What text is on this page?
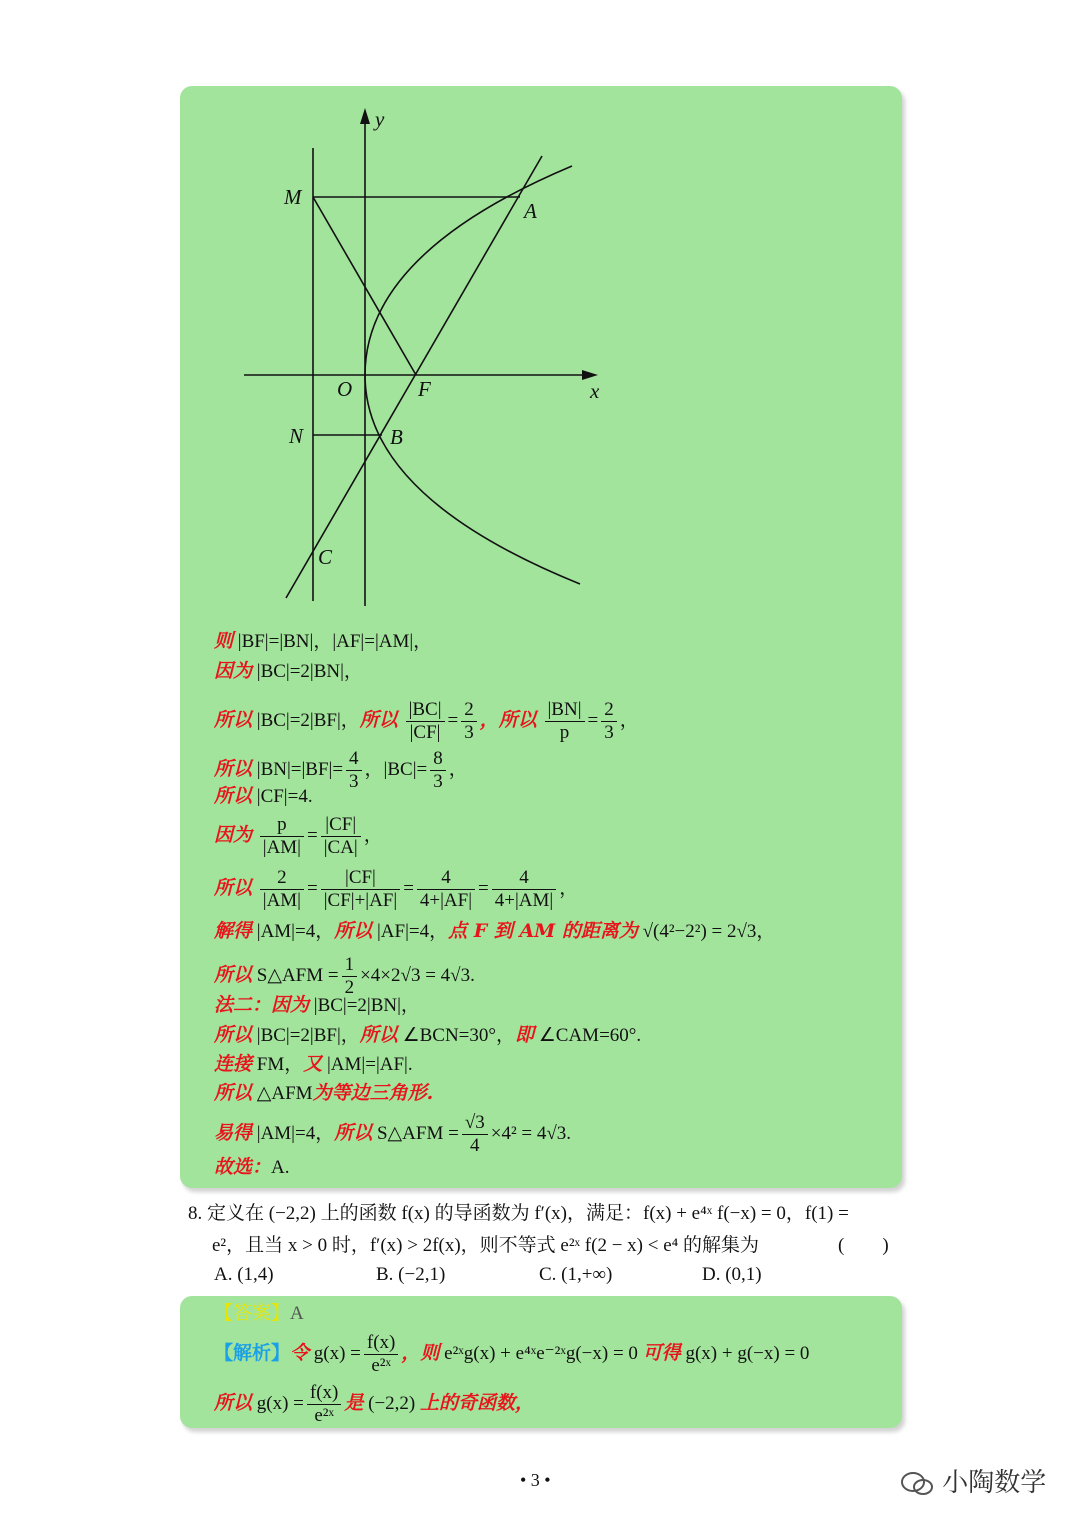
y
x
M
A
O	F
N	B
C
则 |BF|=|BN|，|AF|=|AM|，
因为 |BC|=2|BN|，
所以 |BC|=2|BF|，所以 $\frac{|BC|}{|CF|} = \frac{2}{3}$ ，所以 $\frac{|BN|}{p} = \frac{2}{3}$ ，
所以 $|BN|=|BF|= \frac{4}{3}$ ，$|BC|= \frac{8}{3}$ ，
所以 |CF|=4.
因为 $\frac{p}{|AM|} = \frac{|CF|}{|CA|}$ ，
所以 $\frac{2}{|AM|} = \frac{|CF|}{|CF|+|AF|} = \frac{4}{4+|AF|} = \frac{4}{4+|AM|}$ ，
解得 |AM|=4，所以 |AF|=4，点 F 到 AM 的距离为 √(4²−2²) = 2√3，
所以 S△AFM = $\frac{1}{2} \times 4\times 2√3 = 4√3$.
法二：因为 |BC|=2|BN|，
所以 |BC|=2|BF|，所以 ∠BCN=30°，即 ∠CAM=60°.
连接 FM，又 |AM|=|AF|.
所以 △AFM为等边三角形.
易得 |AM|=4，所以 S△AFM = $\frac{√3}{4} \times 4^2 = 4√3$.
故选：A.
8. 定义在 (−2,2) 上的函数 f(x) 的导函数为 f′(x)，满足：f(x) + e⁴ˣ f(−x) = 0，f(1) =
e²，且当 x > 0 时，f′(x) > 2f(x)，则不等式 e²ˣ f(2 − x) < e⁴ 的解集为	(　　)
A. (1,4)	B. (−2,1)	C. (1,+∞)	D. (0,1)
【答案】A
【解析】令 $g(x) = \frac{f(x)}{\text{e²ˣ}}$ ，则 e²ˣg(x) + e⁴ˣe⁻²ˣg(−x) = 0 可得 g(x) + g(−x) = 0
所以 $g(x) = \frac{f(x)}{\text{e²ˣ}}$ 是 (−2,2) 上的奇函数，
• 3 •	小陶数学
